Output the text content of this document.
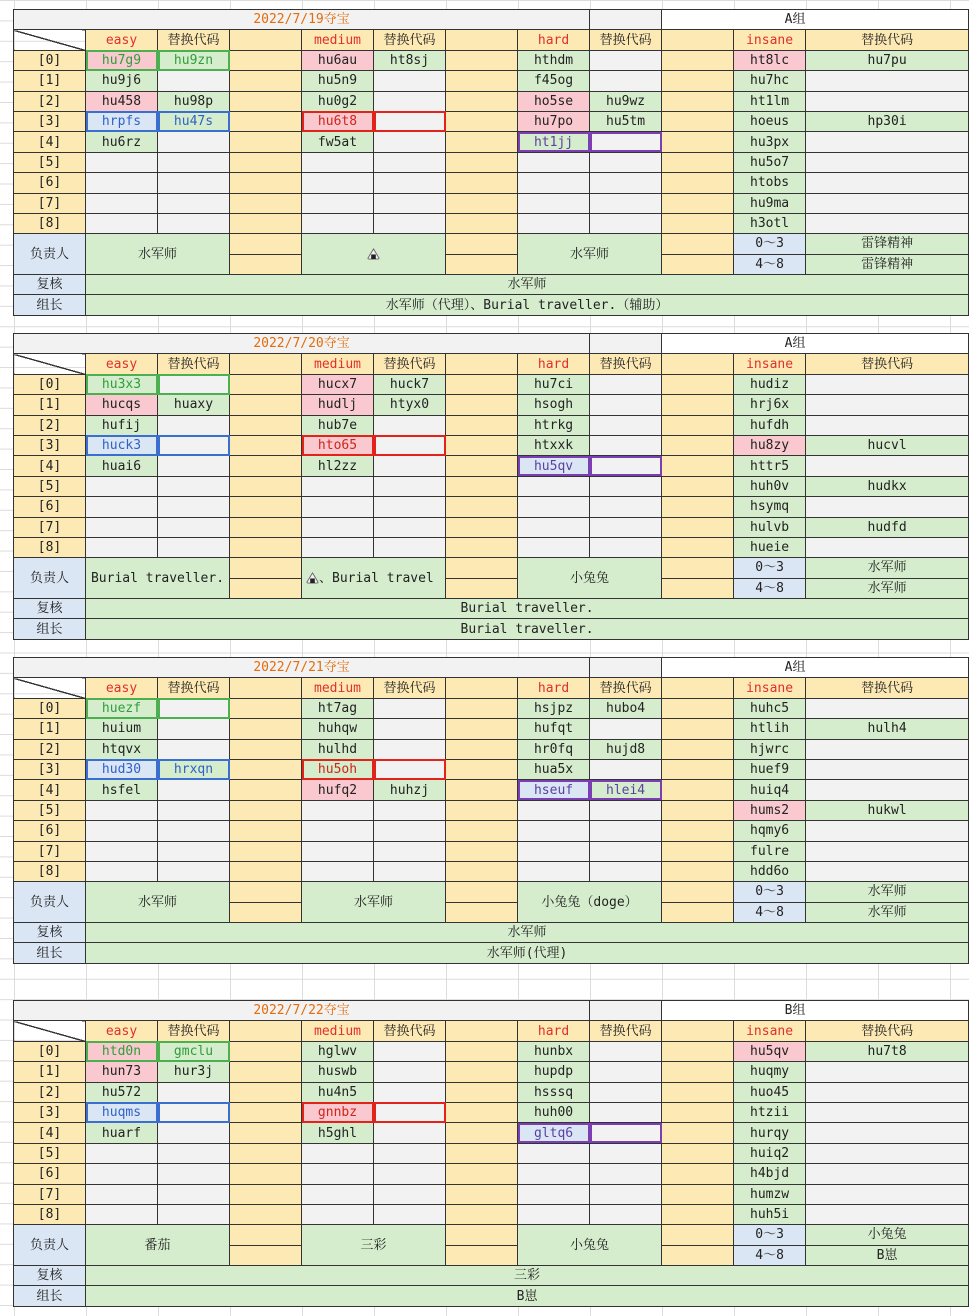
2022/7/19夺宝									A组		
	easy	替换代码		medium	替换代码		hard	替换代码		insane	替换代码
[0]	hu7g9	hu9zn		hu6au	ht8sj		hthdm			ht8lc	hu7pu
[1]	hu9j6			hu5n9			f45og			hu7hc	
[2]	hu458	hu98p		hu0g2			ho5se	hu9wz		ht1lm	
[3]	hrpfs	hu47s		hu6t8			hu7po	hu5tm		hoeus	hp30i
[4]	hu6rz			fw5at			ht1jj			hu3px	
[5]										hu5o7	
[6]										htobs	
[7]										hu9ma	
[8]										h3otl	
负责人	水军师						水军师			0～3	雷锋精神
										4～8	雷锋精神
复核	水军师										
组长	水军师（代理）、Burial traveller.（辅助）										
2022/7/20夺宝									A组		
	easy	替换代码		medium	替换代码		hard	替换代码		insane	替换代码
[0]	hu3x3			hucx7	huck7		hu7ci			hudiz	
[1]	hucqs	huaxy		hudlj	htyx0		hsogh			hrj6x	
[2]	hufij			hub7e			htrkg			hufdh	
[3]	huck3			hto65			htxxk			hu8zy	hucvl
[4]	huai6			hl2zz			hu5qv			httr5	
[5]										huh0v	hudkx
[6]										hsymq	
[7]										hulvb	hudfd
[8]										hueie	
负责人	Burial traveller.			、Burial travel			小兔兔			0～3	水军师
										4～8	水军师
复核	Burial traveller.										
组长	Burial traveller.										
2022/7/21夺宝									A组		
	easy	替换代码		medium	替换代码		hard	替换代码		insane	替换代码
[0]	huezf			ht7ag			hsjpz	hubo4		huhc5	
[1]	huium			huhqw			hufqt			htlih	hulh4
[2]	htqvx			hulhd			hr0fq	hujd8		hjwrc	
[3]	hud30	hrxqn		hu5oh			hua5x			huef9	
[4]	hsfel			hufq2	huhzj		hseuf	hlei4		huiq4	
[5]										hums2	hukwl
[6]										hqmy6	
[7]										fulre	
[8]										hdd6o	
负责人	水军师			水军师			小兔兔（doge）			0～3	水军师
										4～8	水军师
复核	水军师										
组长	水军师(代理)										
2022/7/22夺宝									B组		
	easy	替换代码		medium	替换代码		hard	替换代码		insane	替换代码
[0]	htd0n	gmclu		hglwv			hunbx			hu5qv	hu7t8
[1]	hun73	hur3j		huswb			hupdp			huqmy	
[2]	hu572			hu4n5			hsssq			huo45	
[3]	huqms			gnnbz			huh00			htzii	
[4]	huarf			h5ghl			gltq6			hurqy	
[5]										huiq2	
[6]										h4bjd	
[7]										humzw	
[8]										huh5i	
负责人	番茄			三彩			小兔兔			0～3	小兔兔
										4～8	B崽
复核	三彩										
组长	B崽										
